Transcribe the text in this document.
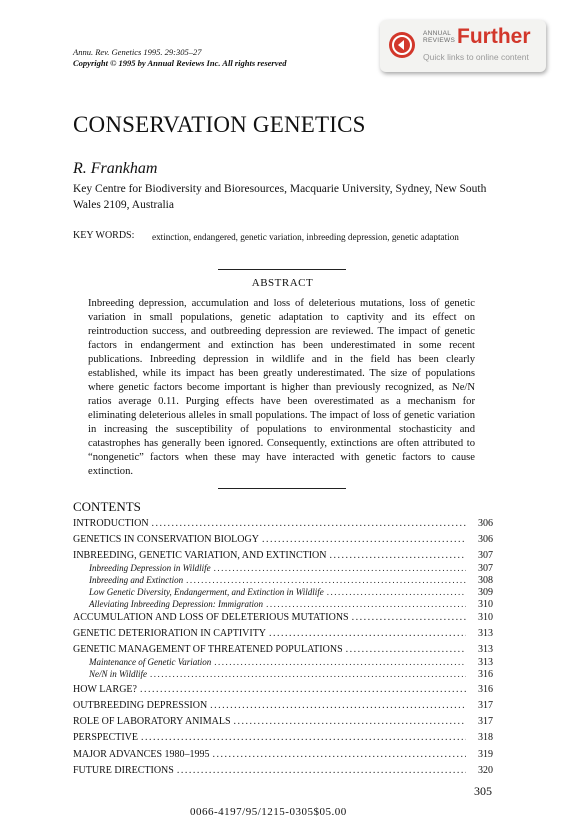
Annu. Rev. Genetics 1995. 29:305–27
Copyright © 1995 by Annual Reviews Inc. All rights reserved
ANNUAL
REVIEWS Further
Quick links to online content
CONSERVATION GENETICS
R. Frankham
Key Centre for Biodiversity and Bioresources, Macquarie University, Sydney, New South Wales 2109, Australia
KEY WORDS: extinction, endangered, genetic variation, inbreeding depression, genetic adaptation
ABSTRACT
Inbreeding depression, accumulation and loss of deleterious mutations, loss of genetic variation in small populations, genetic adaptation to captivity and its effect on reintroduction success, and outbreeding depression are reviewed. The impact of genetic factors in endangerment and extinction has been underestimated in some recent publications. Inbreeding depression in wildlife and in the field has been clearly established, while its impact has been greatly underestimated. The size of populations where genetic factors become important is higher than previously recognized, as Ne/N ratios average 0.11. Purging effects have been overestimated as a mechanism for eliminating deleterious alleles in small populations. The impact of loss of genetic variation in increasing the susceptibility of populations to environmental stochasticity and catastrophes has generally been ignored. Consequently, extinctions are often attributed to “nongenetic” factors when these may have interacted with genetic factors to cause extinction.
CONTENTS
INTRODUCTION .....	306
GENETICS IN CONSERVATION BIOLOGY .....	306
INBREEDING, GENETIC VARIATION, AND EXTINCTION .....	307
Inbreeding Depression in Wildlife .....	307
Inbreeding and Extinction .....	308
Low Genetic Diversity, Endangerment, and Extinction in Wildlife .....	309
Alleviating Inbreeding Depression: Immigration .....	310
ACCUMULATION AND LOSS OF DELETERIOUS MUTATIONS .....	310
GENETIC DETERIORATION IN CAPTIVITY .....	313
GENETIC MANAGEMENT OF THREATENED POPULATIONS .....	313
Maintenance of Genetic Variation .....	313
Ne/N in Wildlife .....	316
HOW LARGE? .....	316
OUTBREEDING DEPRESSION .....	317
ROLE OF LABORATORY ANIMALS .....	317
PERSPECTIVE .....	318
MAJOR ADVANCES 1980–1995 .....	319
FUTURE DIRECTIONS .....	320
305
0066-4197/95/1215-0305$05.00
